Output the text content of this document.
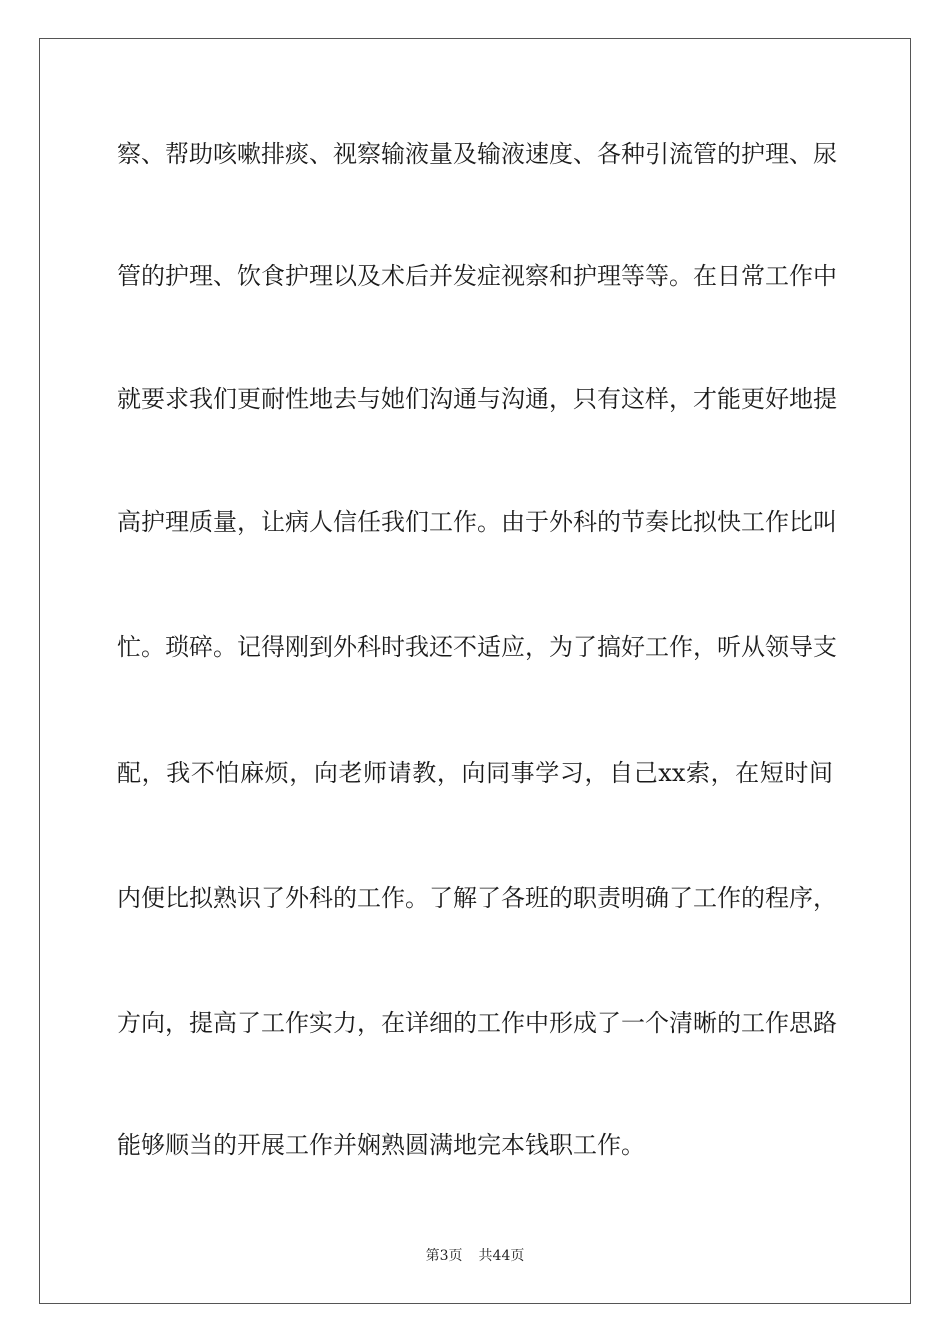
察、帮助咳嗽排痰、视察输液量及输液速度、各种引流管的护理、尿
管的护理、饮食护理以及术后并发症视察和护理等等。在日常工作中
就要求我们更耐性地去与她们沟通与沟通，只有这样，才能更好地提
高护理质量，让病人信任我们工作。由于外科的节奏比拟快工作比叫
忙。琐碎。记得刚到外科时我还不适应，为了搞好工作，听从领导支
配，我不怕麻烦，向老师请教，向同事学习，自己xx索，在短时间
内便比拟熟识了外科的工作。了解了各班的职责明确了工作的程序，
方向，提高了工作实力，在详细的工作中形成了一个清晰的工作思路
能够顺当的开展工作并娴熟圆满地完本钱职工作。
第3页 共44页
